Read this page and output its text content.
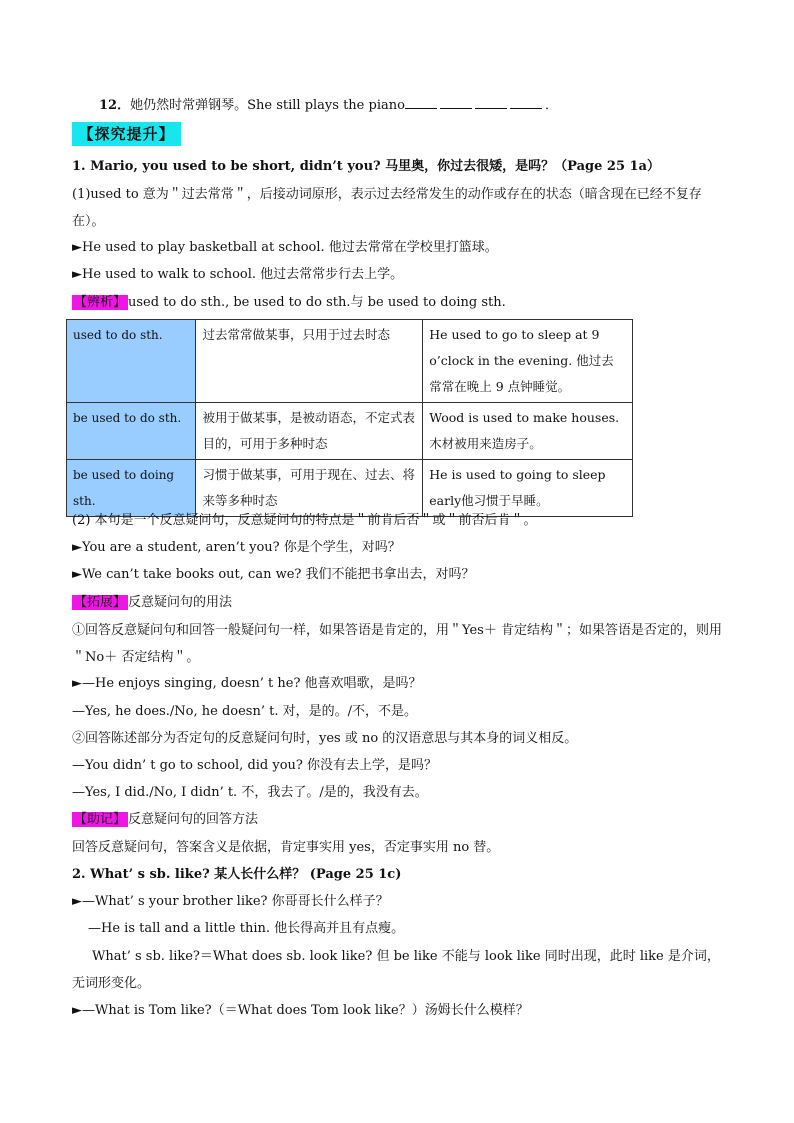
12．她仍然时常弹钢琴。She still plays the piano	．
【探究提升】
1. Mario, you used to be short, didn’t you? 马里奥，你过去很矮，是吗？（Page 25 1a）
(1)used to 意为＂过去常常＂，后接动词原形，表示过去经常发生的动作或存在的状态（暗含现在已经不复存在）。
►He used to play basketball at school. 他过去常常在学校里打篮球。
►He used to walk to school. 他过去常常步行去上学。
【辨析】 used to do sth., be used to do sth.与 be used to doing sth.
used to do sth.	过去常常做某事，只用于过去时态	He used to go to sleep at 9 o’clock in the evening. 他过去常常在晚上 9 点钟睡觉。
be used to do sth.	被用于做某事，是被动语态，不定式表目的，可用于多种时态	Wood is used to make houses. 木材被用来造房子。
be used to doing sth.	习惯于做某事，可用于现在、过去、将来等多种时态	He is used to going to sleep early他习惯于早睡。
(2) 本句是一个反意疑问句，反意疑问句的特点是＂前肯后否＂或＂前否后肯＂。
►You are a student, aren’t you? 你是个学生，对吗？
►We can’t take books out, can we? 我们不能把书拿出去，对吗？
【拓展】 反意疑问句的用法
①回答反意疑问句和回答一般疑问句一样，如果答语是肯定的，用＂Yes＋ 肯定结构＂；如果答语是否定的，则用＂No＋ 否定结构＂。
►—He enjoys singing, doesn’ t he? 他喜欢唱歌，是吗？
—Yes, he does./No, he doesn’ t. 对，是的。/不，不是。
②回答陈述部分为否定句的反意疑问句时，yes 或 no 的汉语意思与其本身的词义相反。
—You didn’ t go to school, did you? 你没有去上学，是吗？
—Yes, I did./No, I didn’ t. 不，我去了。/是的，我没有去。
【助记】 反意疑问句的回答方法
回答反意疑问句，答案含义是依据，肯定事实用 yes，否定事实用 no 替。
2. What’ s sb. like? 某人长什么样？ (Page 25 1c)
►—What’ s your brother like? 你哥哥长什么样子？
—He is tall and a little thin. 他长得高并且有点瘦。
What’ s sb. like?＝What does sb. look like? 但 be like 不能与 look like 同时出现，此时 like 是介词，无词形变化。
►—What is Tom like?（＝What does Tom look like？）汤姆长什么模样？
